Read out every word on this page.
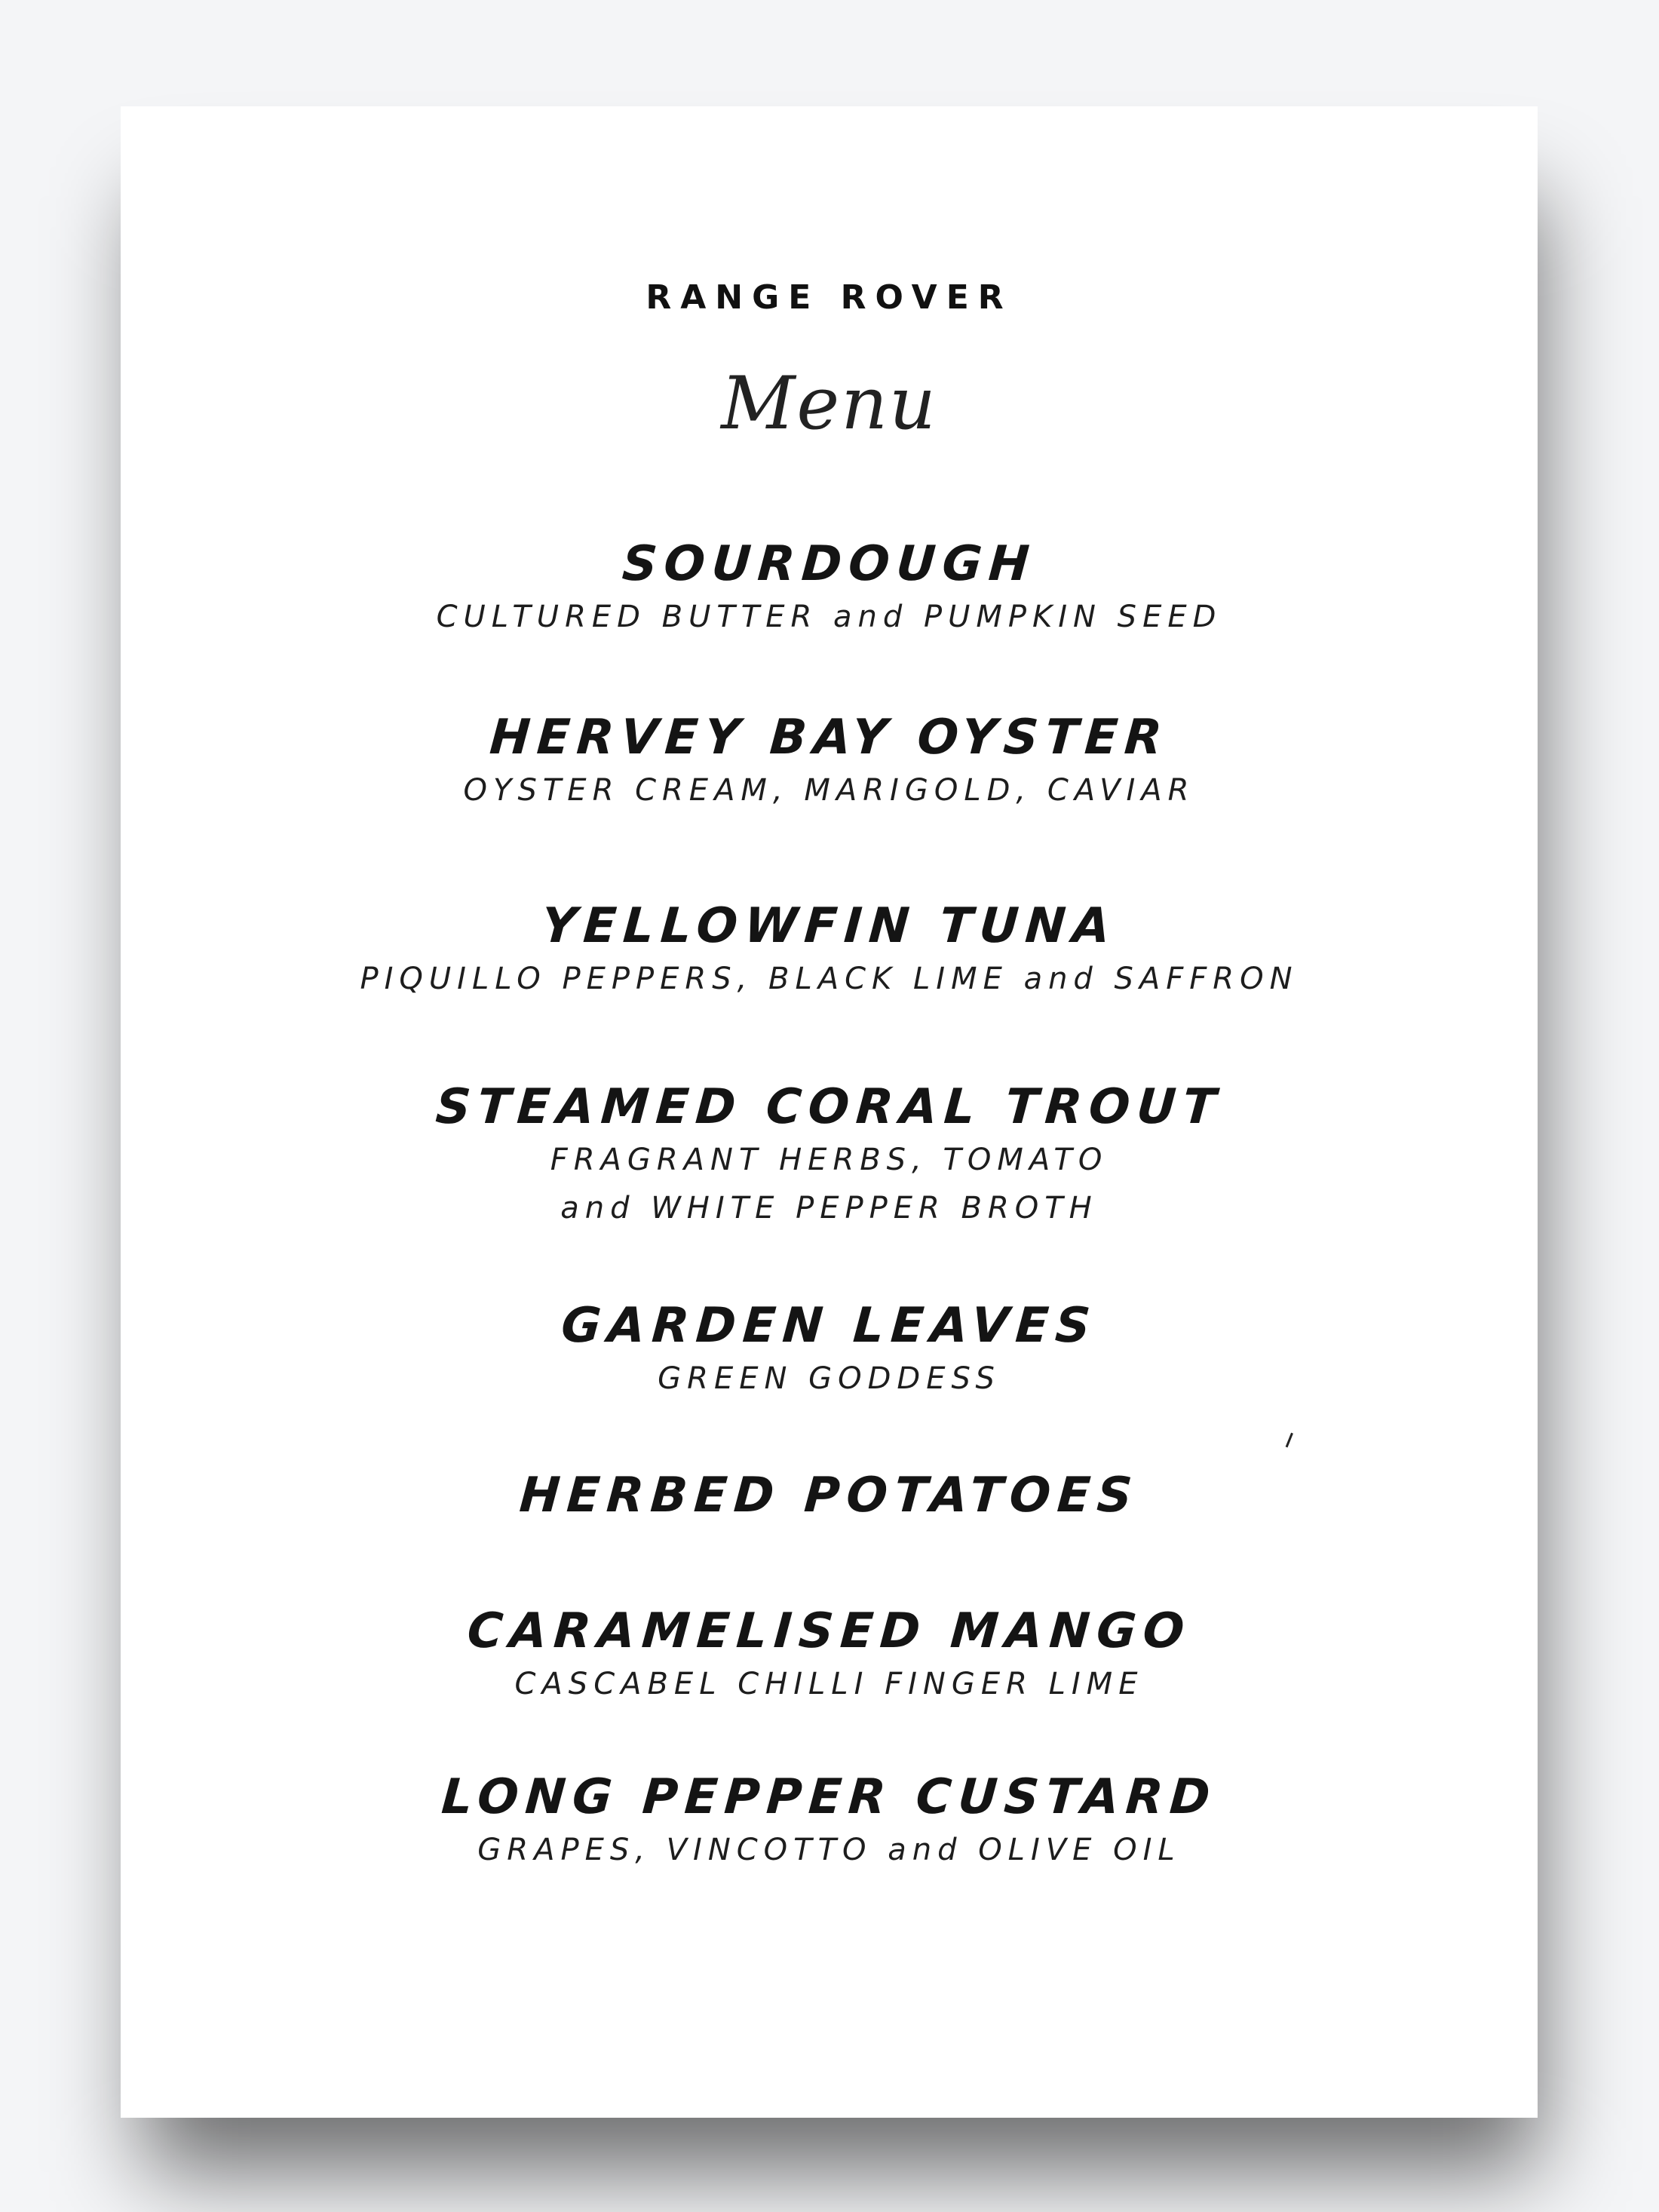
RANGE ROVER
Menu
SOURDOUGH
CULTURED BUTTER and PUMPKIN SEED
HERVEY BAY OYSTER
OYSTER CREAM, MARIGOLD, CAVIAR
YELLOWFIN TUNA
PIQUILLO PEPPERS, BLACK LIME and SAFFRON
STEAMED CORAL TROUT
FRAGRANT HERBS, TOMATO
and WHITE PEPPER BROTH
GARDEN LEAVES
GREEN GODDESS
HERBED POTATOES
CARAMELISED MANGO
CASCABEL CHILLI FINGER LIME
LONG PEPPER CUSTARD
GRAPES, VINCOTTO and OLIVE OIL
